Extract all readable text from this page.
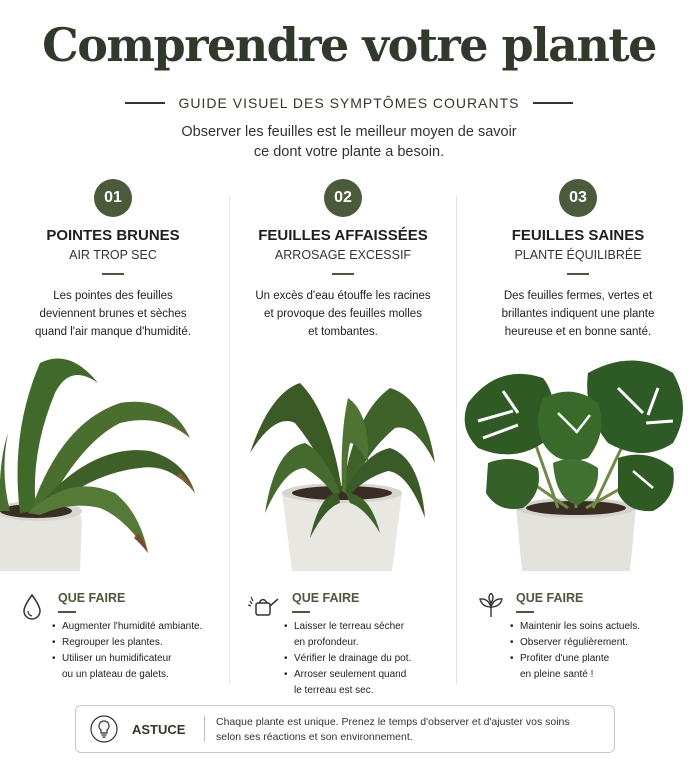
Comprendre votre plante
GUIDE VISUEL DES SYMPTÔMES COURANTS
Observer les feuilles est le meilleur moyen de savoir
ce dont votre plante a besoin.
01
POINTES BRUNES
AIR TROP SEC
Les pointes des feuilles
deviennent brunes et sèches
quand l'air manque d'humidité.
QUE FAIRE
• Augmenter l'humidité ambiante.
• Regrouper les plantes.
• Utiliser un humidificateur
ou un plateau de galets.
02
FEUILLES AFFAISSÉES
ARROSAGE EXCESSIF
Un excès d'eau étouffe les racines
et provoque des feuilles molles
et tombantes.
QUE FAIRE
• Laisser le terreau sécher
en profondeur.
• Vérifier le drainage du pot.
• Arroser seulement quand
le terreau est sec.
03
FEUILLES SAINES
PLANTE ÉQUILIBRÉE
Des feuilles fermes, vertes et
brillantes indiquent une plante
heureuse et en bonne santé.
QUE FAIRE
• Maintenir les soins actuels.
• Observer régulièrement.
• Profiter d'une plante
en pleine santé !
ASTUCE	Chaque plante est unique. Prenez le temps d'observer et d'ajuster vos soins
selon ses réactions et son environnement.
